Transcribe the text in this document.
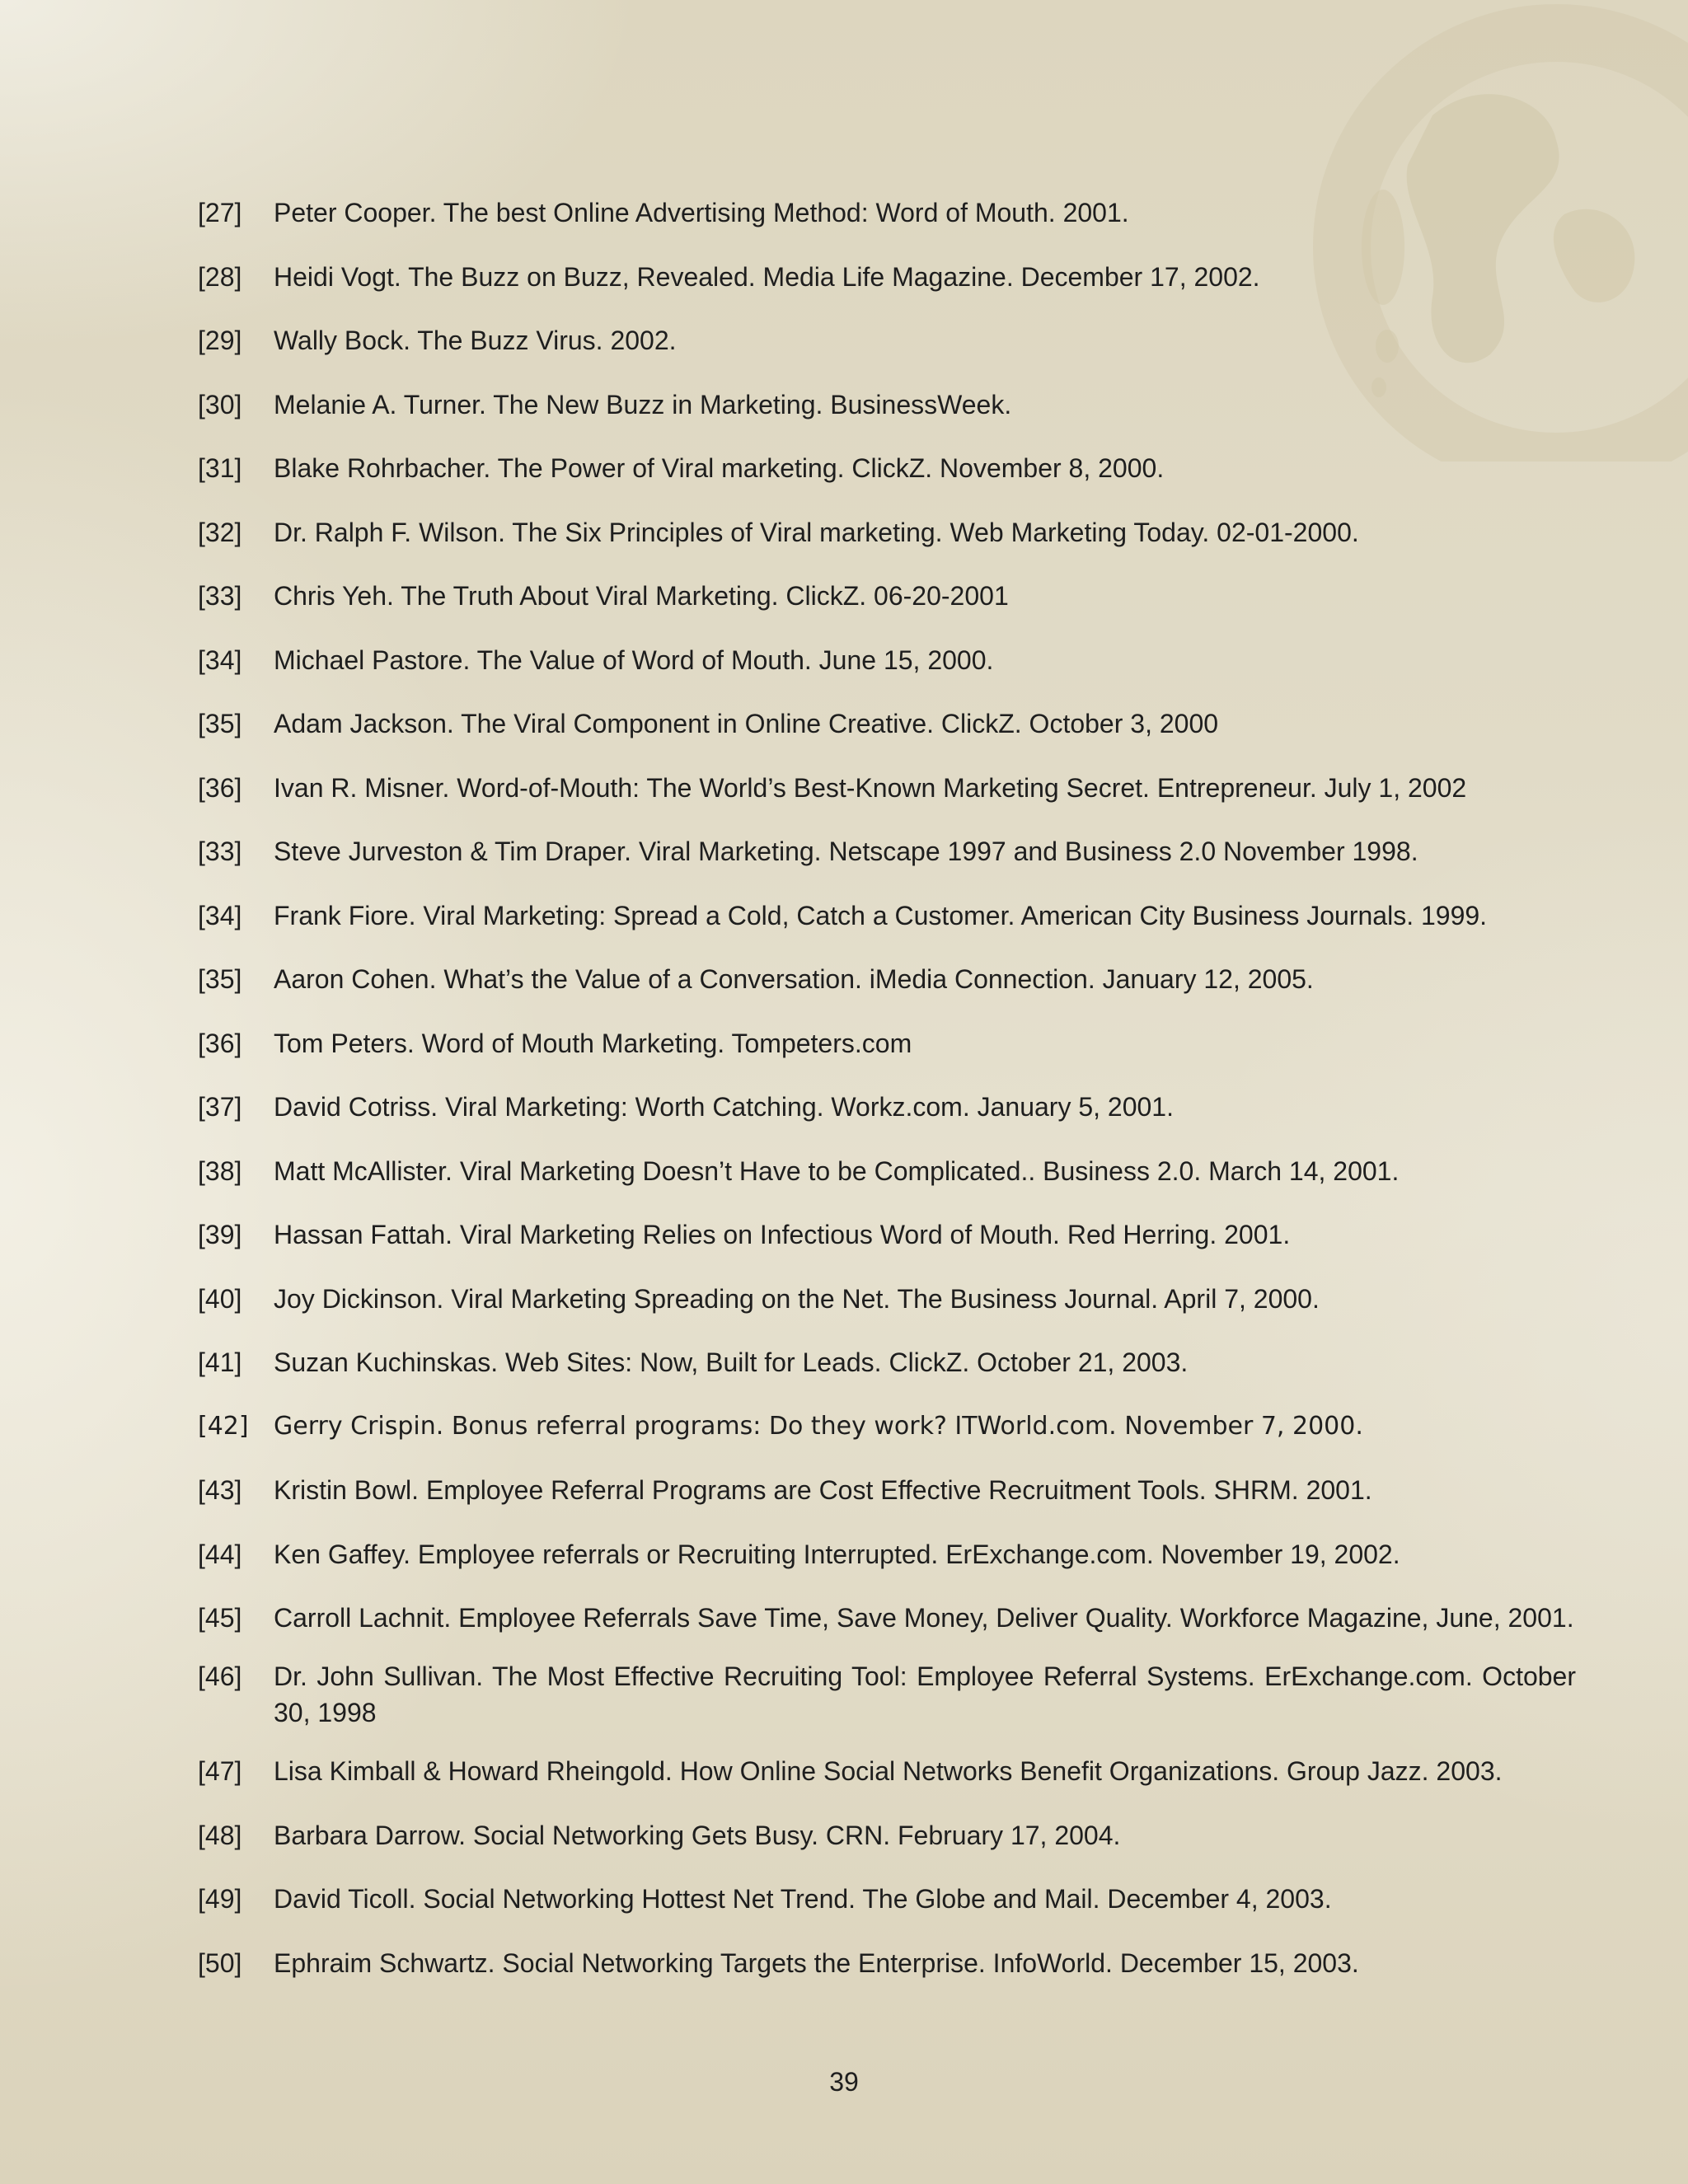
[27]	Peter Cooper. The best Online Advertising Method: Word of Mouth. 2001.
[28]	Heidi Vogt. The Buzz on Buzz, Revealed. Media Life Magazine. December 17, 2002.
[29]	Wally Bock. The Buzz Virus. 2002.
[30]	Melanie A. Turner. The New Buzz in Marketing. BusinessWeek.
[31]	Blake Rohrbacher. The Power of Viral marketing. ClickZ. November 8, 2000.
[32]	Dr. Ralph F. Wilson. The Six Principles of Viral marketing. Web Marketing Today. 02-01-2000.
[33]	Chris Yeh. The Truth About Viral Marketing. ClickZ. 06-20-2001
[34]	Michael Pastore. The Value of Word of Mouth. June 15, 2000.
[35]	Adam Jackson. The Viral Component in Online Creative. ClickZ. October 3, 2000
[36]	Ivan R. Misner. Word-of-Mouth: The World’s Best-Known Marketing Secret. Entrepreneur. July 1, 2002
[33]	Steve Jurveston & Tim Draper. Viral Marketing. Netscape 1997 and Business 2.0 November 1998.
[34]	Frank Fiore. Viral Marketing: Spread a Cold, Catch a Customer. American City Business Journals. 1999.
[35]	Aaron Cohen. What’s the Value of a Conversation. iMedia Connection. January 12, 2005.
[36]	Tom Peters. Word of Mouth Marketing. Tompeters.com
[37]	David Cotriss. Viral Marketing: Worth Catching. Workz.com. January 5, 2001.
[38]	Matt McAllister. Viral Marketing Doesn’t Have to be Complicated.. Business 2.0. March 14, 2001.
[39]	Hassan Fattah. Viral Marketing Relies on Infectious Word of Mouth. Red Herring. 2001.
[40]	Joy Dickinson. Viral Marketing Spreading on the Net. The Business Journal. April 7, 2000.
[41]	Suzan Kuchinskas. Web Sites: Now, Built for Leads. ClickZ. October 21, 2003.
[42]	Gerry Crispin. Bonus referral programs: Do they work? ITWorld.com. November 7, 2000.
[43]	Kristin Bowl. Employee Referral Programs are Cost Effective Recruitment Tools. SHRM. 2001.
[44]	Ken Gaffey. Employee referrals or Recruiting Interrupted. ErExchange.com. November 19, 2002.
[45]	Carroll Lachnit. Employee Referrals Save Time, Save Money, Deliver Quality. Workforce Magazine, June, 2001.
[46]	Dr. John Sullivan. The Most Effective Recruiting Tool: Employee Referral Systems. ErExchange.com. October 30, 1998
[47]	Lisa Kimball & Howard Rheingold. How Online Social Networks Benefit Organizations. Group Jazz. 2003.
[48]	Barbara Darrow. Social Networking Gets Busy. CRN. February 17, 2004.
[49]	David Ticoll. Social Networking Hottest Net Trend. The Globe and Mail. December 4, 2003.
[50]	Ephraim Schwartz. Social Networking Targets the Enterprise. InfoWorld. December 15, 2003.
39
